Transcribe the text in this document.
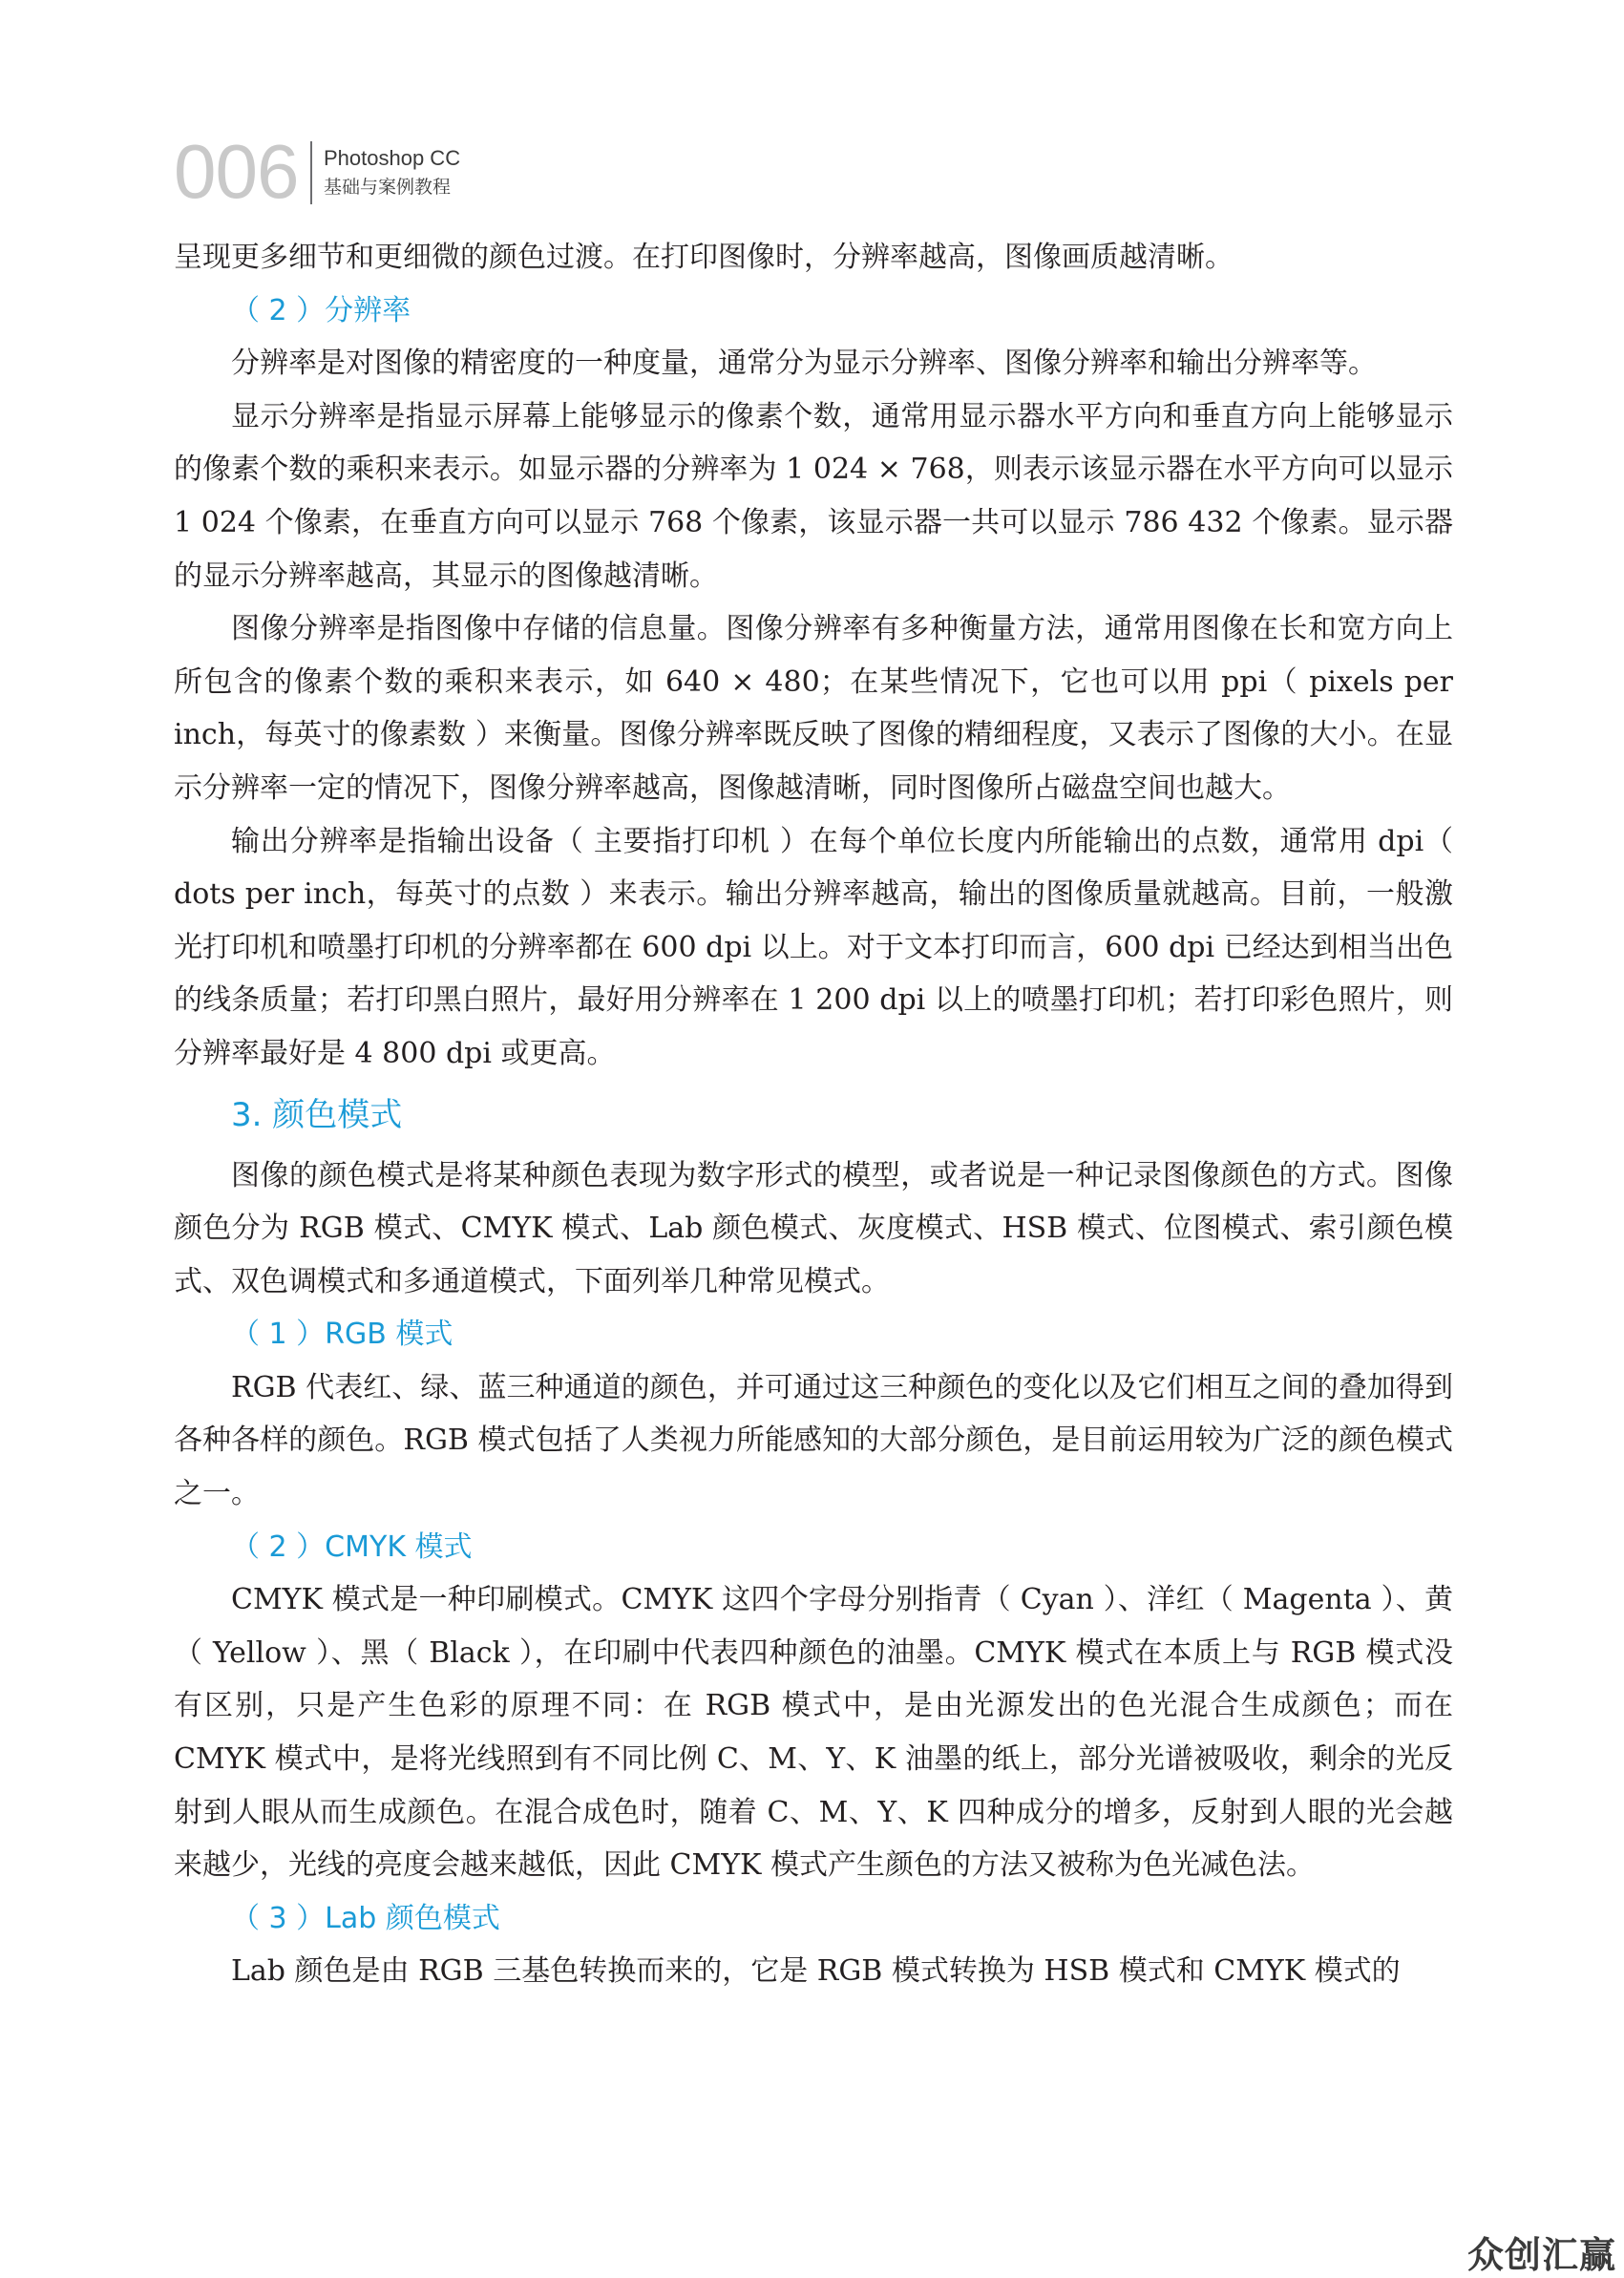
006 Photoshop CC
基础与案例教程

呈现更多细节和更细微的颜色过渡。在打印图像时，分辨率越高，图像画质越清晰。

（ 2 ）分辨率

分辨率是对图像的精密度的一种度量，通常分为显示分辨率、图像分辨率和输出分辨率等。

显示分辨率是指显示屏幕上能够显示的像素个数，通常用显示器水平方向和垂直方向上能够显示的像素个数的乘积来表示。如显示器的分辨率为 1 024 × 768，则表示该显示器在水平方向可以显示 1 024 个像素，在垂直方向可以显示 768 个像素，该显示器一共可以显示 786 432 个像素。显示器的显示分辨率越高，其显示的图像越清晰。

图像分辨率是指图像中存储的信息量。图像分辨率有多种衡量方法，通常用图像在长和宽方向上所包含的像素个数的乘积来表示，如 640 × 480；在某些情况下，它也可以用 ppi（ pixels per inch，每英寸的像素数 ）来衡量。图像分辨率既反映了图像的精细程度，又表示了图像的大小。在显示分辨率一定的情况下，图像分辨率越高，图像越清晰，同时图像所占磁盘空间也越大。

输出分辨率是指输出设备（ 主要指打印机 ）在每个单位长度内所能输出的点数，通常用 dpi（ dots per inch，每英寸的点数 ）来表示。输出分辨率越高，输出的图像质量就越高。目前，一般激光打印机和喷墨打印机的分辨率都在 600 dpi 以上。对于文本打印而言，600 dpi 已经达到相当出色的线条质量；若打印黑白照片，最好用分辨率在 1 200 dpi 以上的喷墨打印机；若打印彩色照片，则分辨率最好是 4 800 dpi 或更高。

3. 颜色模式

图像的颜色模式是将某种颜色表现为数字形式的模型，或者说是一种记录图像颜色的方式。图像颜色分为 RGB 模式、CMYK 模式、Lab 颜色模式、灰度模式、HSB 模式、位图模式、索引颜色模式、双色调模式和多通道模式，下面列举几种常见模式。

（ 1 ）RGB 模式

RGB 代表红、绿、蓝三种通道的颜色，并可通过这三种颜色的变化以及它们相互之间的叠加得到各种各样的颜色。RGB 模式包括了人类视力所能感知的大部分颜色，是目前运用较为广泛的颜色模式之一。

（ 2 ）CMYK 模式

CMYK 模式是一种印刷模式。CMYK 这四个字母分别指青（ Cyan ）、洋红（ Magenta ）、黄（ Yellow ）、黑（ Black ），在印刷中代表四种颜色的油墨。CMYK 模式在本质上与 RGB 模式没有区别，只是产生色彩的原理不同：在 RGB 模式中，是由光源发出的色光混合生成颜色；而在 CMYK 模式中，是将光线照到有不同比例 C、M、Y、K 油墨的纸上，部分光谱被吸收，剩余的光反射到人眼从而生成颜色。在混合成色时，随着 C、M、Y、K 四种成分的增多，反射到人眼的光会越来越少，光线的亮度会越来越低，因此 CMYK 模式产生颜色的方法又被称为色光减色法。

（ 3 ）Lab 颜色模式

Lab 颜色是由 RGB 三基色转换而来的，它是 RGB 模式转换为 HSB 模式和 CMYK 模式的

众创汇赢
